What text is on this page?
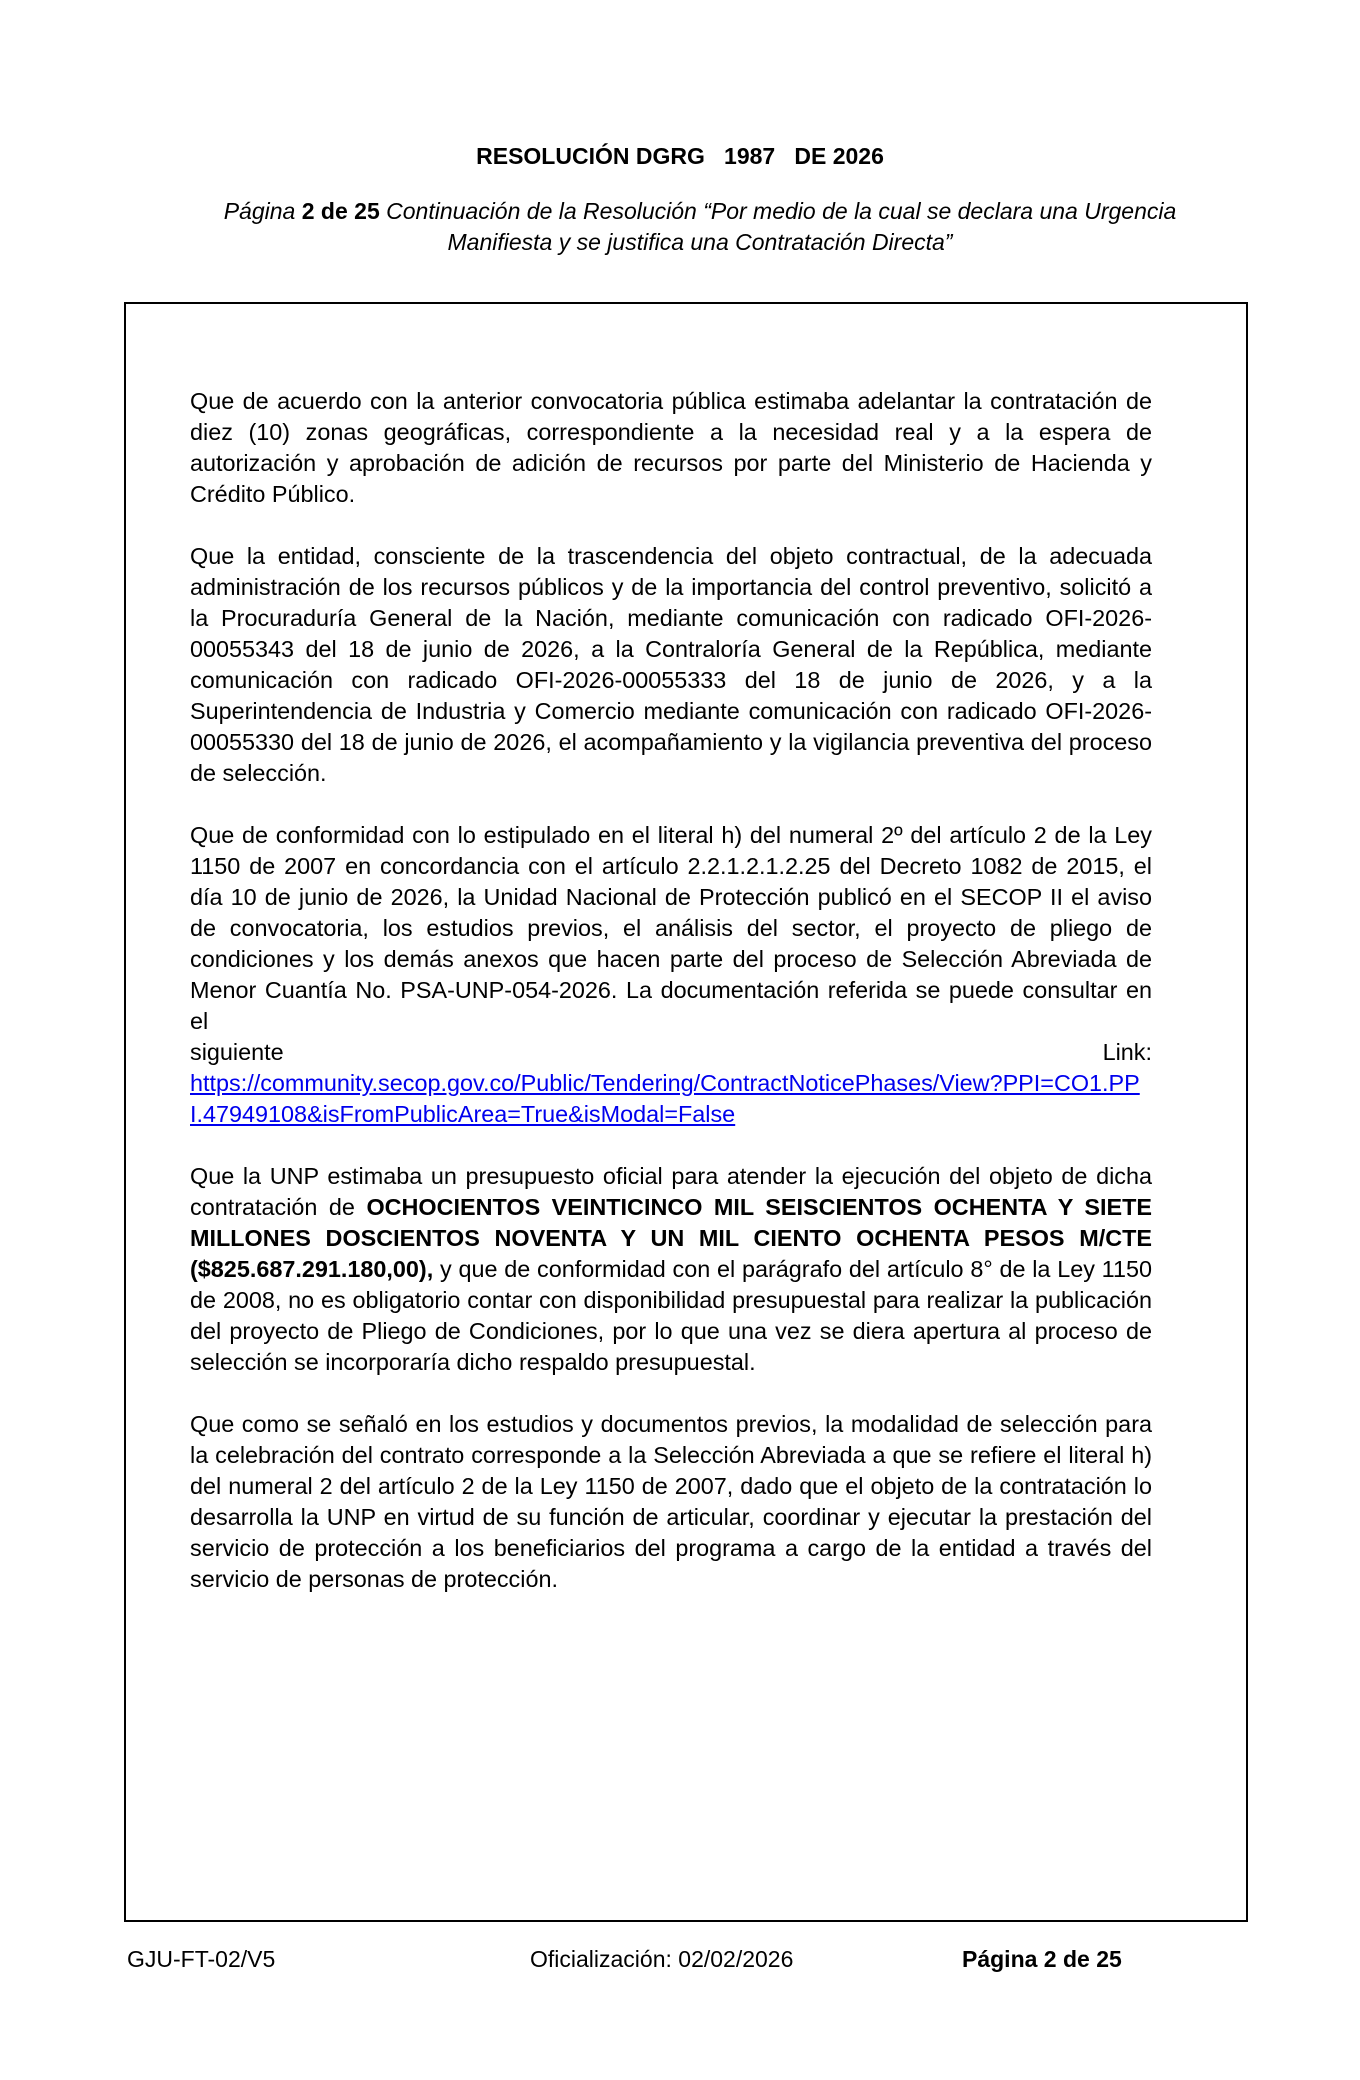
RESOLUCIÓN DGRG   1987   DE 2026
Página 2 de 25 Continuación de la Resolución “Por medio de la cual se declara una Urgencia Manifiesta y se justifica una Contratación Directa”

Que de acuerdo con la anterior convocatoria pública estimaba adelantar la contratación de diez (10) zonas geográficas, correspondiente a la necesidad real y a la espera de autorización y aprobación de adición de recursos por parte del Ministerio de Hacienda y Crédito Público.

Que la entidad, consciente de la trascendencia del objeto contractual, de la adecuada administración de los recursos públicos y de la importancia del control preventivo, solicitó a la Procuraduría General de la Nación, mediante comunicación con radicado OFI-2026-00055343 del 18 de junio de 2026, a la Contraloría General de la República, mediante comunicación con radicado OFI-2026-00055333 del 18 de junio de 2026, y a la Superintendencia de Industria y Comercio mediante comunicación con radicado OFI-2026-00055330 del 18 de junio de 2026, el acompañamiento y la vigilancia preventiva del proceso de selección.

Que de conformidad con lo estipulado en el literal h) del numeral 2º del artículo 2 de la Ley 1150 de 2007 en concordancia con el artículo 2.2.1.2.1.2.25 del Decreto 1082 de 2015, el día 10 de junio de 2026, la Unidad Nacional de Protección publicó en el SECOP II el aviso de convocatoria, los estudios previos, el análisis del sector, el proyecto de pliego de condiciones y los demás anexos que hacen parte del proceso de Selección Abreviada de Menor Cuantía No. PSA-UNP-054-2026. La documentación referida se puede consultar en el
siguiente	Link:
https://community.secop.gov.co/Public/Tendering/ContractNoticePhases/View?PPI=CO1.PPI.47949108&isFromPublicArea=True&isModal=False

Que la UNP estimaba un presupuesto oficial para atender la ejecución del objeto de dicha contratación de OCHOCIENTOS VEINTICINCO MIL SEISCIENTOS OCHENTA Y SIETE MILLONES DOSCIENTOS NOVENTA Y UN MIL CIENTO OCHENTA PESOS M/CTE ($825.687.291.180,00), y que de conformidad con el parágrafo del artículo 8° de la Ley 1150 de 2008, no es obligatorio contar con disponibilidad presupuestal para realizar la publicación del proyecto de Pliego de Condiciones, por lo que una vez se diera apertura al proceso de selección se incorporaría dicho respaldo presupuestal.

Que como se señaló en los estudios y documentos previos, la modalidad de selección para la celebración del contrato corresponde a la Selección Abreviada a que se refiere el literal h) del numeral 2 del artículo 2 de la Ley 1150 de 2007, dado que el objeto de la contratación lo desarrolla la UNP en virtud de su función de articular, coordinar y ejecutar la prestación del servicio de protección a los beneficiarios del programa a cargo de la entidad a través del servicio de personas de protección.

GJU-FT-02/V5	Oficialización: 02/02/2026	Página 2 de 25
